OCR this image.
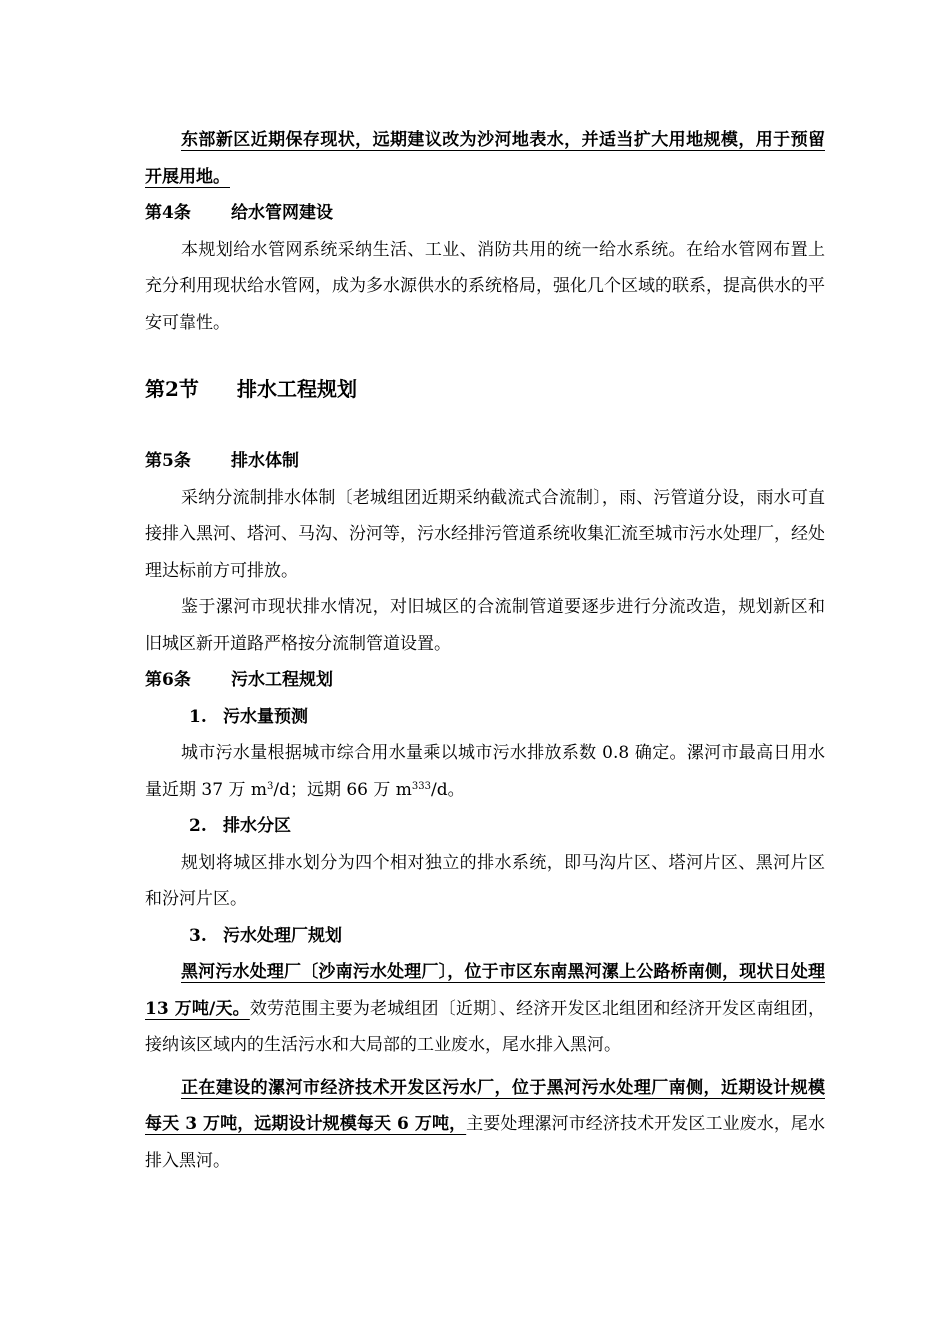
东部新区近期保存现状，远期建议改为沙河地表水，并适当扩大用地规模，用于预留开展用地。

第4条 给水管网建设

本规划给水管网系统采纳生活、工业、消防共用的统一给水系统。在给水管网布置上充分利用现状给水管网，成为多水源供水的系统格局，强化几个区域的联系，提高供水的平安可靠性。

第2节 排水工程规划

第5条 排水体制

采纳分流制排水体制〔老城组团近期采纳截流式合流制〕，雨、污管道分设，雨水可直接排入黑河、塔河、马沟、汾河等，污水经排污管道系统收集汇流至城市污水处理厂，经处理达标前方可排放。

鉴于漯河市现状排水情况，对旧城区的合流制管道要逐步进行分流改造，规划新区和旧城区新开道路严格按分流制管道设置。

第6条 污水工程规划

1. 污水量预测

城市污水量根据城市综合用水量乘以城市污水排放系数 0.8 确定。漯河市最高日用水量近期 37 万 $m^3/d$；远期 66 万 $m^{333}/d$。

2. 排水分区

规划将城区排水划分为四个相对独立的排水系统，即马沟片区、塔河片区、黑河片区和汾河片区。

3. 污水处理厂规划

黑河污水处理厂〔沙南污水处理厂〕，位于市区东南黑河漯上公路桥南侧，现状日处理 13 万吨/天。效劳范围主要为老城组团〔近期〕、经济开发区北组团和经济开发区南组团，接纳该区域内的生活污水和大局部的工业废水，尾水排入黑河。

正在建设的漯河市经济技术开发区污水厂，位于黑河污水处理厂南侧，近期设计规模每天 3 万吨，远期设计规模每天 6 万吨，主要处理漯河市经济技术开发区工业废水，尾水排入黑河。
